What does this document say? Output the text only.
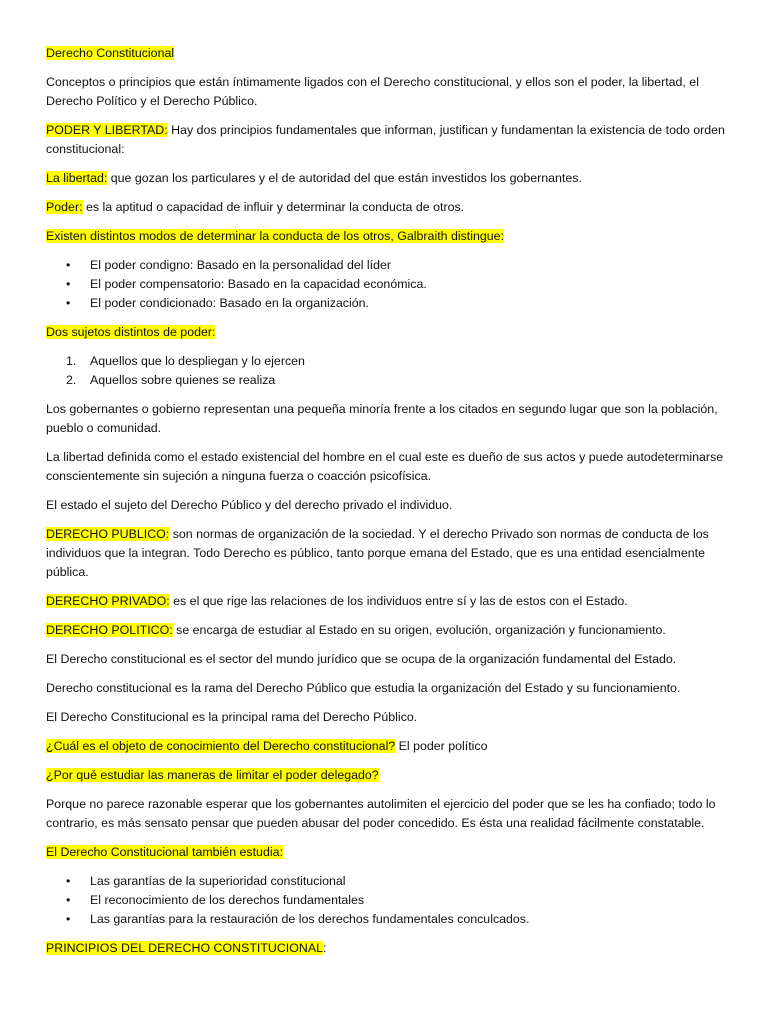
Derecho Constitucional

Conceptos o principios que están íntimamente ligados con el Derecho constitucional, y ellos son el poder, la libertad, el Derecho Político y el Derecho Público.

PODER Y LIBERTAD: Hay dos principios fundamentales que informan, justifican y fundamentan la existencia de todo orden constitucional:

La libertad: que gozan los particulares y el de autoridad del que están investidos los gobernantes.

Poder: es la aptitud o capacidad de influir y determinar la conducta de otros.

Existen distintos modos de determinar la conducta de los otros, Galbraith distingue:

• El poder condigno: Basado en la personalidad del líder
• El poder compensatorio: Basado en la capacidad económica.
• El poder condicionado: Basado en la organización.

Dos sujetos distintos de poder:

Aquellos que lo despliegan y lo ejercen
Aquellos sobre quienes se realiza

Los gobernantes o gobierno representan una pequeña minoría frente a los citados en segundo lugar que son la población, pueblo o comunidad.

La libertad definida como el estado existencial del hombre en el cual este es dueño de sus actos y puede autodeterminarse conscientemente sin sujeción a ninguna fuerza o coacción psicofísica.

El estado el sujeto del Derecho Público y del derecho privado el individuo.

DERECHO PUBLICO: son normas de organización de la sociedad. Y el derecho Privado son normas de conducta de los individuos que la integran. Todo Derecho es público, tanto porque emana del Estado, que es una entidad esencialmente pública.

DERECHO PRIVADO: es el que rige las relaciones de los individuos entre sí y las de estos con el Estado.

DERECHO POLITICO: se encarga de estudiar al Estado en su origen, evolución, organización y funcionamiento.

El Derecho constitucional es el sector del mundo jurídico que se ocupa de la organización fundamental del Estado.

Derecho constitucional es la rama del Derecho Público que estudia la organización del Estado y su funcionamiento.

El Derecho Constitucional es la principal rama del Derecho Público.

¿Cuál es el objeto de conocimiento del Derecho constitucional? El poder político

¿Por qué estudiar las maneras de limitar el poder delegado?

Porque no parece razonable esperar que los gobernantes autolimiten el ejercicio del poder que se les ha confiado; todo lo contrario, es más sensato pensar que pueden abusar del poder concedido. Es ésta una realidad fácilmente constatable.

El Derecho Constitucional también estudia:

• Las garantías de la superioridad constitucional
• El reconocimiento de los derechos fundamentales
• Las garantías para la restauración de los derechos fundamentales conculcados.

PRINCIPIOS DEL DERECHO CONSTITUCIONAL:
